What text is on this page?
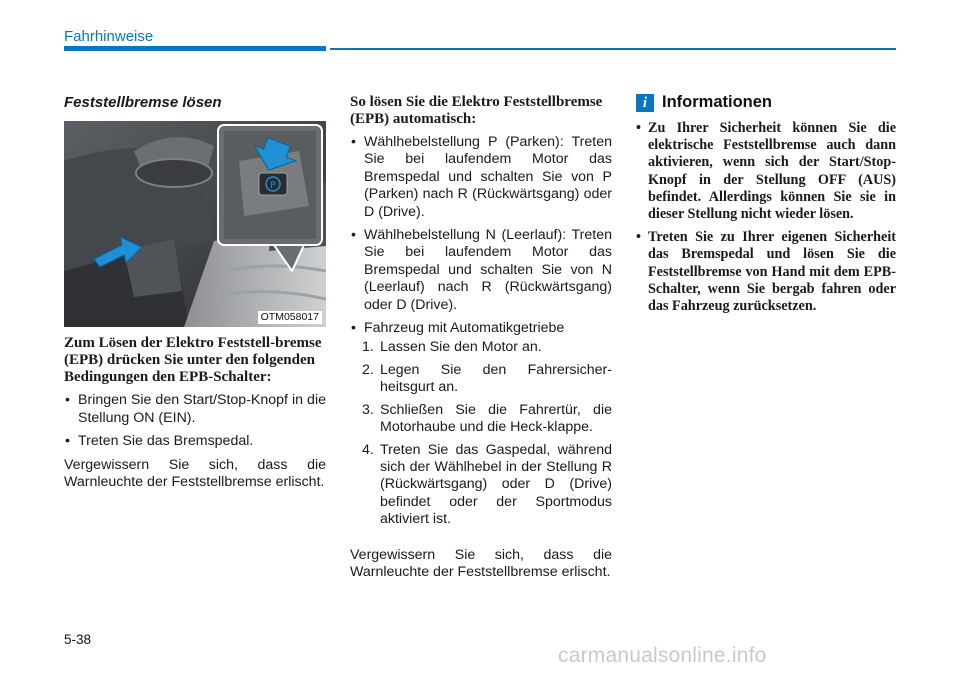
Fahrhinweise
Feststellbremse lösen
P
OTM058017
Zum Lösen der Elektro Feststell-bremse (EPB) drücken Sie unter den folgenden Bedingungen den EPB-Schalter:
• Bringen Sie den Start/Stop-Knopf in die Stellung ON (EIN).
• Treten Sie das Bremspedal.

Vergewissern Sie sich, dass die Warnleuchte der Feststellbremse erlischt.

So lösen Sie die Elektro Feststellbremse (EPB) automatisch:
• Wählhebelstellung P (Parken): Treten Sie bei laufendem Motor das Bremspedal und schalten Sie von P (Parken) nach R (Rückwärtsgang) oder D (Drive).
• Wählhebelstellung N (Leerlauf): Treten Sie bei laufendem Motor das Bremspedal und schalten Sie von N (Leerlauf) nach R (Rückwärtsgang) oder D (Drive).
• Fahrzeug mit Automatikgetriebe
1. Lassen Sie den Motor an.
2. Legen Sie den Fahrersicher-heitsgurt an.
3. Schließen Sie die Fahrertür, die Motorhaube und die Heck-klappe.
4. Treten Sie das Gaspedal, während sich der Wählhebel in der Stellung R (Rückwärtsgang) oder D (Drive) befindet oder der Sportmodus aktiviert ist.

Vergewissern Sie sich, dass die Warnleuchte der Feststellbremse erlischt.

i Informationen
• Zu Ihrer Sicherheit können Sie die elektrische Feststellbremse auch dann aktivieren, wenn sich der Start/Stop-Knopf in der Stellung OFF (AUS) befindet. Allerdings können Sie sie in dieser Stellung nicht wieder lösen.
• Treten Sie zu Ihrer eigenen Sicherheit das Bremspedal und lösen Sie die Feststellbremse von Hand mit dem EPB-Schalter, wenn Sie bergab fahren oder das Fahrzeug zurücksetzen.
5-38
carmanualsonline.info
